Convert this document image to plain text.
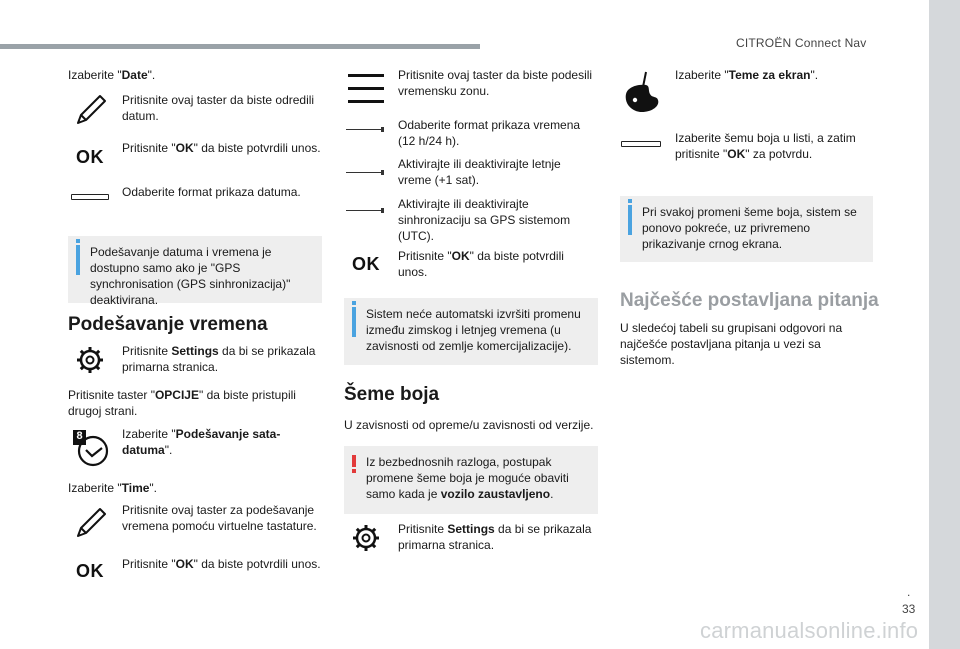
CITROËN Connect Nav
.
33
carmanualsonline.info

Izaberite "Date".

Pritisnite ovaj taster da biste odredili datum.

OK Pritisnite "OK" da biste potvrdili unos.

Odaberite format prikaza datuma.

Podešavanje datuma i vremena je dostupno samo ako je "GPS synchronisation (GPS sinhronizacija)" deaktivirana.

Podešavanje vremena

Pritisnite Settings da bi se prikazala primarna stranica.

Pritisnite taster "OPCIJE" da biste pristupili drugoj strani.

8	Izaberite "Podešavanje sata-datuma".

Izaberite "Time".

Pritisnite ovaj taster za podešavanje vremena pomoću virtuelne tastature.

OK Pritisnite "OK" da biste potvrdili unos.

Pritisnite ovaj taster da biste podesili vremensku zonu.

Odaberite format prikaza vremena (12 h/24 h).

Aktivirajte ili deaktivirajte letnje vreme (+1 sat).

Aktivirajte ili deaktivirajte sinhronizaciju sa GPS sistemom (UTC).

OK Pritisnite "OK" da biste potvrdili unos.

Sistem neće automatski izvršiti promenu između zimskog i letnjeg vremena (u zavisnosti od zemlje komercijalizacije).

Šeme boja

U zavisnosti od opreme/u zavisnosti od verzije.

Iz bezbednosnih razloga, postupak promene šeme boja je moguće obaviti samo kada je vozilo zaustavljeno.

Pritisnite Settings da bi se prikazala primarna stranica.

Izaberite "Teme za ekran".

Izaberite šemu boja u listi, a zatim pritisnite "OK" za potvrdu.

Pri svakoj promeni šeme boja, sistem se ponovo pokreće, uz privremeno prikazivanje crnog ekrana.

Najčešće postavljana pitanja

U sledećoj tabeli su grupisani odgovori na najčešće postavljana pitanja u vezi sa sistemom.
